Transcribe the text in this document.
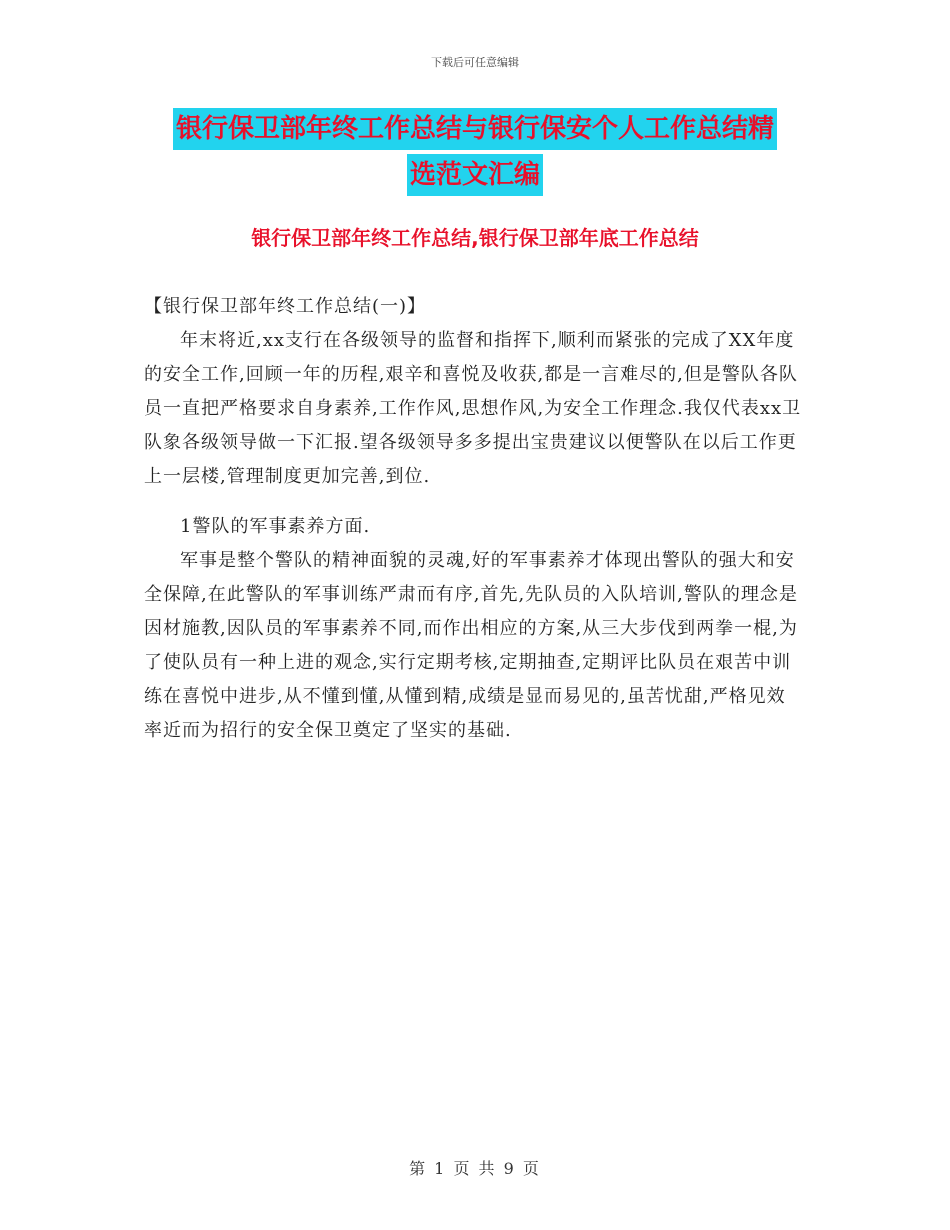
下载后可任意编辑
银行保卫部年终工作总结与银行保安个人工作总结精
选范文汇编
银行保卫部年终工作总结,银行保卫部年底工作总结

【银行保卫部年终工作总结(一)】

年末将近,xx支行在各级领导的监督和指挥下,顺利而紧张的完成了XX年度的安全工作,回顾一年的历程,艰辛和喜悦及收获,都是一言难尽的,但是警队各队员一直把严格要求自身素养,工作作风,思想作风,为安全工作理念.我仅代表xx卫队象各级领导做一下汇报.望各级领导多多提出宝贵建议以便警队在以后工作更上一层楼,管理制度更加完善,到位.

1警队的军事素养方面.

军事是整个警队的精神面貌的灵魂,好的军事素养才体现出警队的强大和安全保障,在此警队的军事训练严肃而有序,首先,先队员的入队培训,警队的理念是因材施教,因队员的军事素养不同,而作出相应的方案,从三大步伐到两拳一棍,为了使队员有一种上进的观念,实行定期考核,定期抽查,定期评比队员在艰苦中训练在喜悦中进步,从不懂到懂,从懂到精,成绩是显而易见的,虽苦忧甜,严格见效率近而为招行的安全保卫奠定了坚实的基础.

第 1 页 共 9 页
